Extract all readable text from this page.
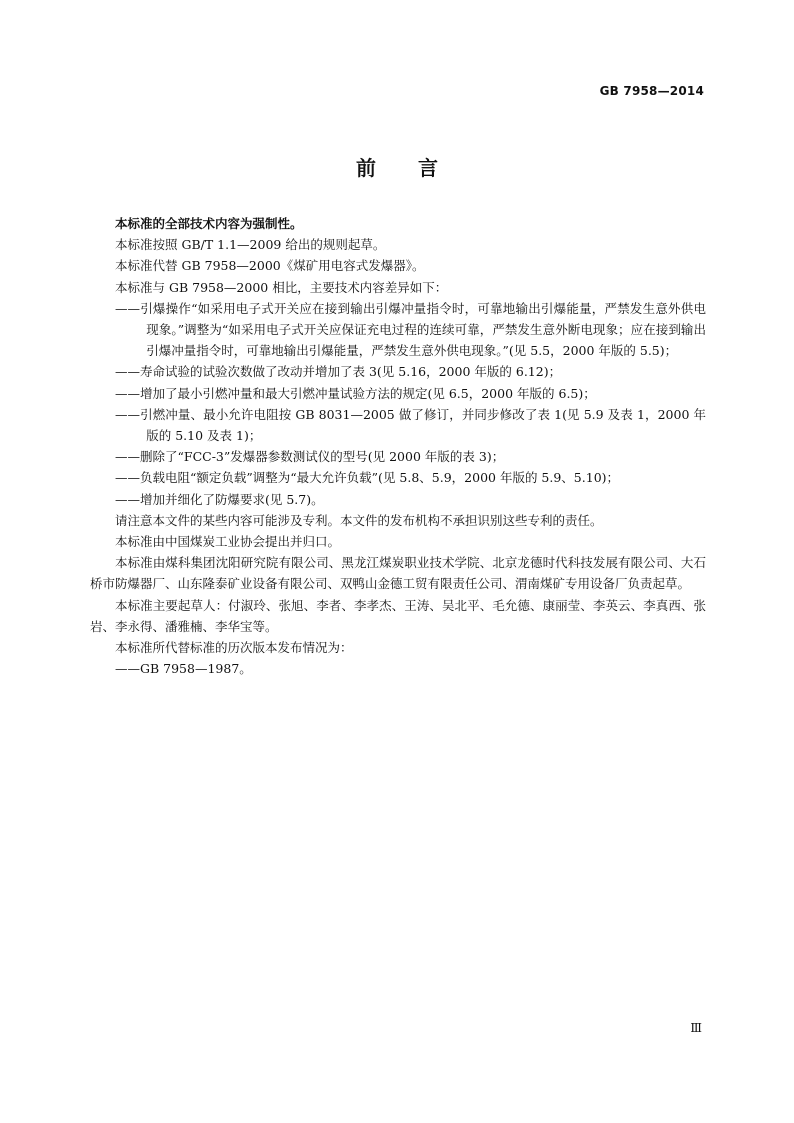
GB 7958—2014
前 言

本标准的全部技术内容为强制性。

本标准按照 GB/T 1.1—2009 给出的规则起草。

本标准代替 GB 7958—2000《煤矿用电容式发爆器》。

本标准与 GB 7958—2000 相比，主要技术内容差异如下：

——引爆操作“如采用电子式开关应在接到输出引爆冲量指令时，可靠地输出引爆能量，严禁发生意外供电现象。”调整为“如采用电子式开关应保证充电过程的连续可靠，严禁发生意外断电现象；应在接到输出引爆冲量指令时，可靠地输出引爆能量，严禁发生意外供电现象。”(见 5.5，2000 年版的 5.5)；

——寿命试验的试验次数做了改动并增加了表 3(见 5.16，2000 年版的 6.12)；

——增加了最小引燃冲量和最大引燃冲量试验方法的规定(见 6.5，2000 年版的 6.5)；

——引燃冲量、最小允许电阻按 GB 8031—2005 做了修订，并同步修改了表 1(见 5.9 及表 1，2000 年版的 5.10 及表 1)；

——删除了“FCC-3”发爆器参数测试仪的型号(见 2000 年版的表 3)；

——负载电阻“额定负载”调整为“最大允许负载”(见 5.8、5.9，2000 年版的 5.9、5.10)；

——增加并细化了防爆要求(见 5.7)。

请注意本文件的某些内容可能涉及专利。本文件的发布机构不承担识别这些专利的责任。

本标准由中国煤炭工业协会提出并归口。

本标准由煤科集团沈阳研究院有限公司、黑龙江煤炭职业技术学院、北京龙德时代科技发展有限公司、大石桥市防爆器厂、山东隆泰矿业设备有限公司、双鸭山金德工贸有限责任公司、渭南煤矿专用设备厂负责起草。

本标准主要起草人：付淑玲、张旭、李者、李孝杰、王涛、吴北平、毛允德、康丽莹、李英云、李真西、张岩、李永得、潘雅楠、李华宝等。

本标准所代替标准的历次版本发布情况为：

——GB 7958—1987。

Ⅲ
